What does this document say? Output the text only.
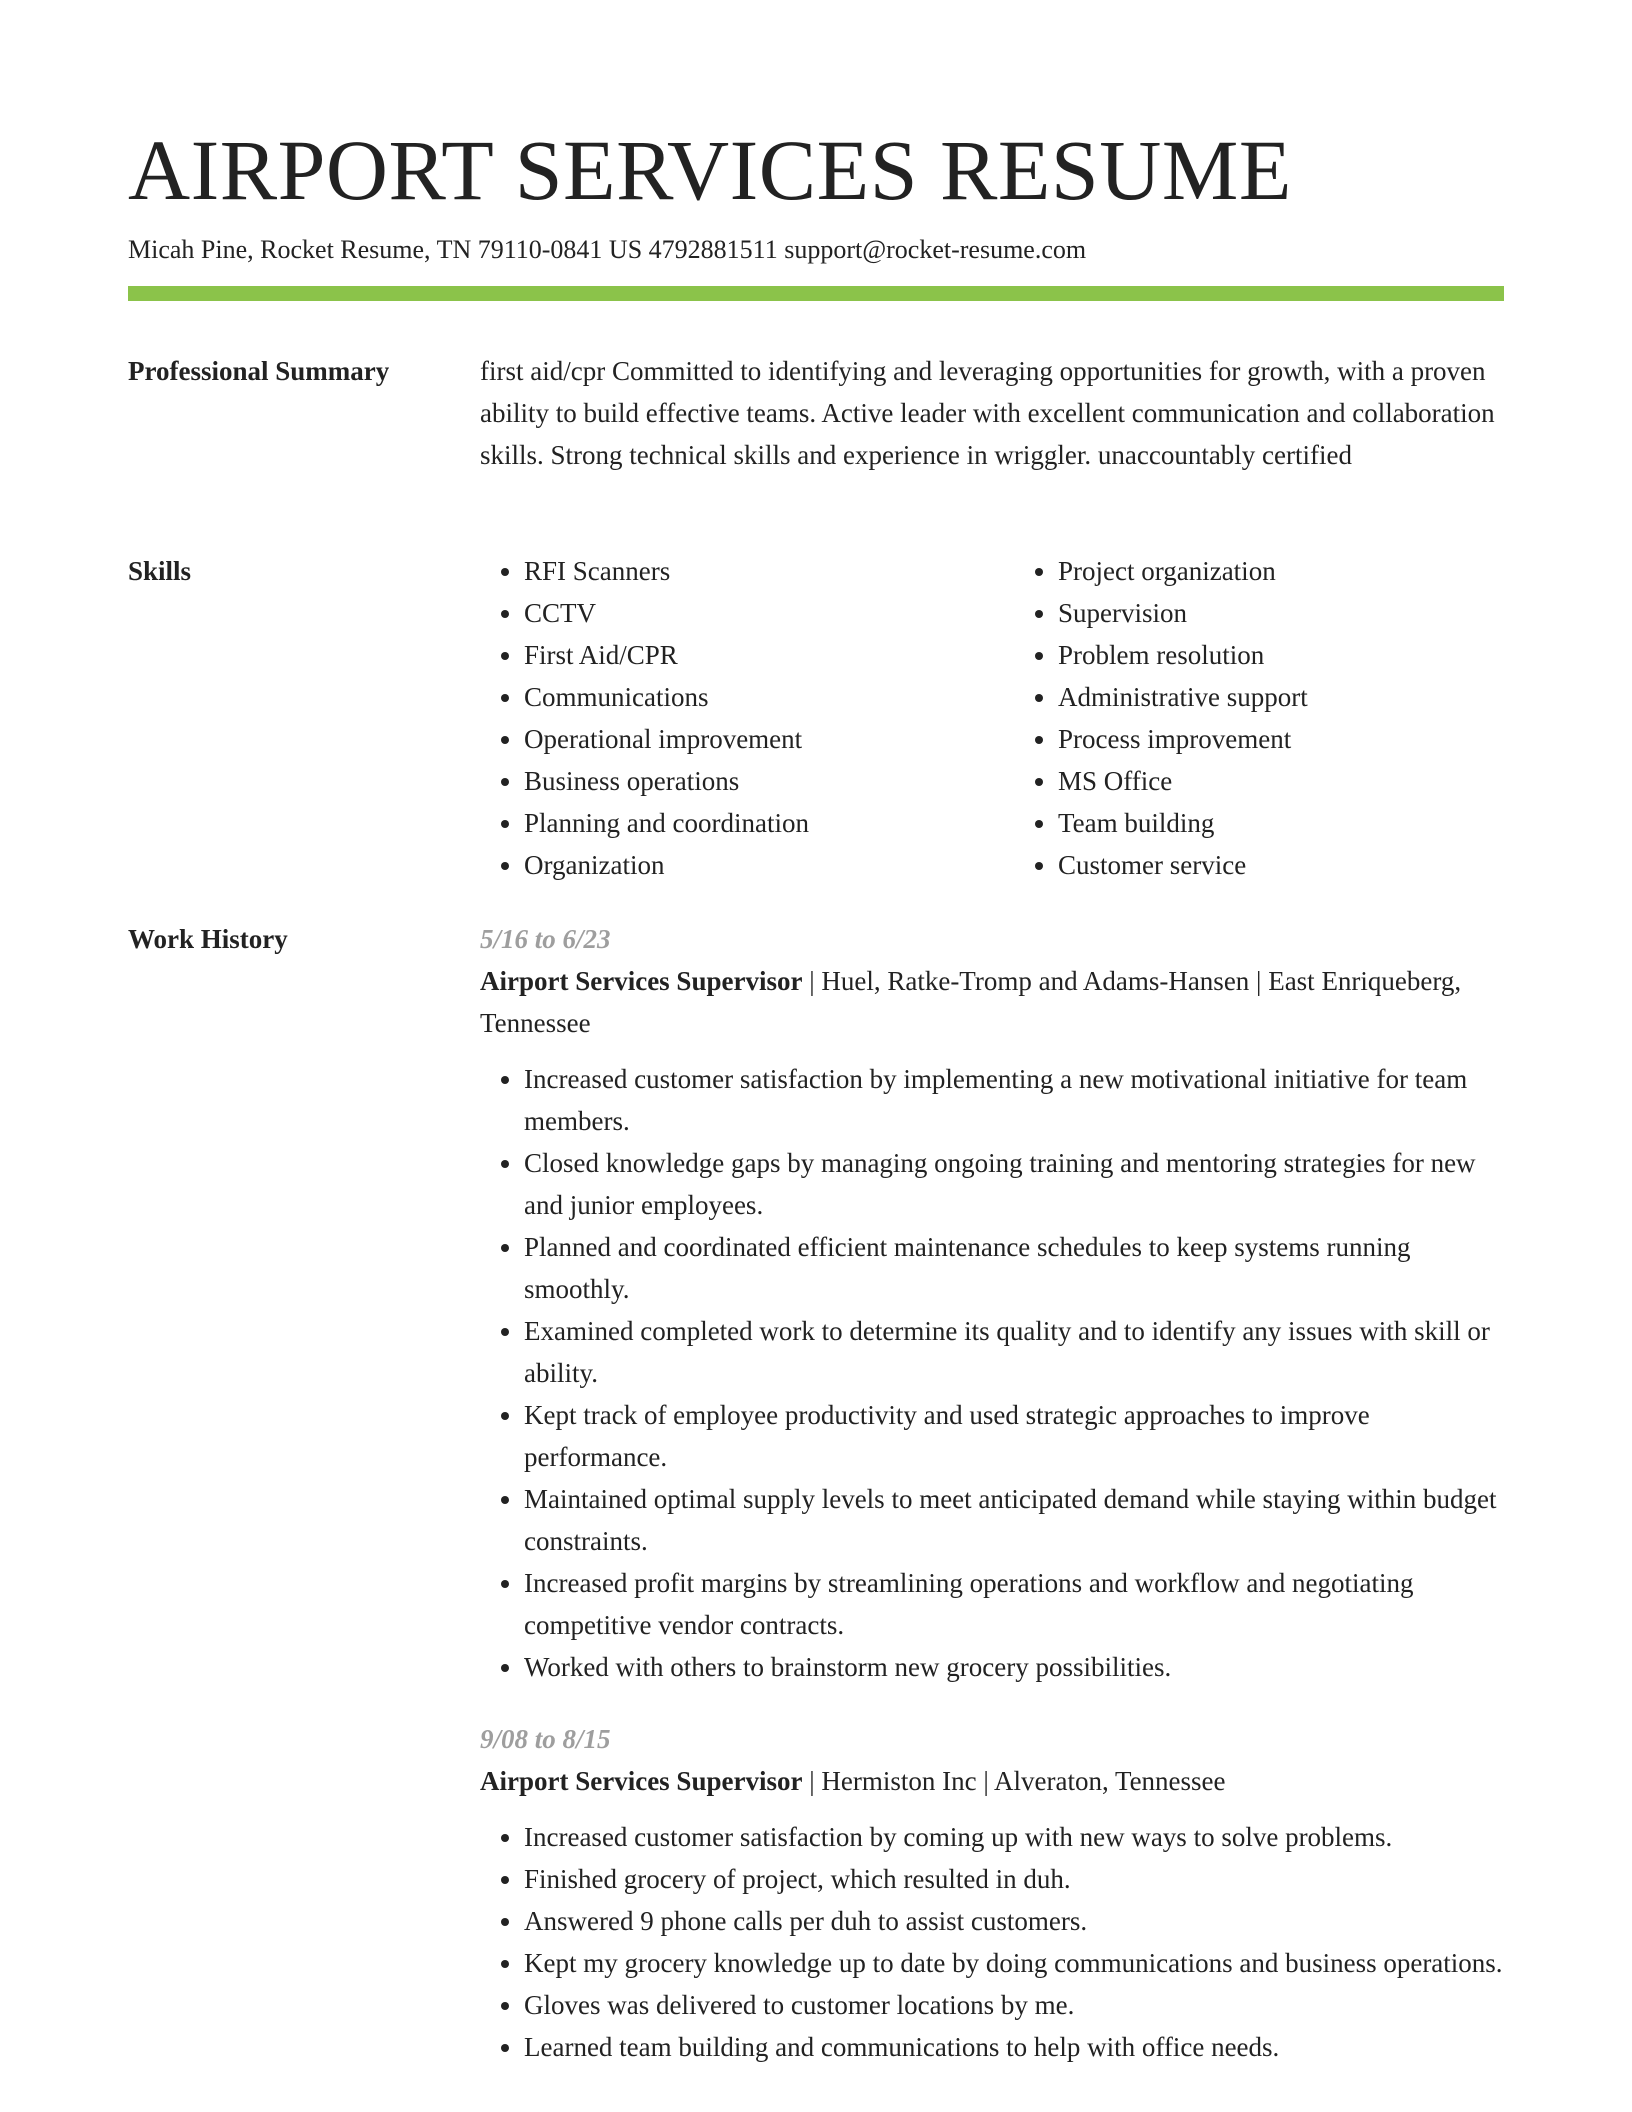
AIRPORT SERVICES RESUME
Micah Pine, Rocket Resume, TN 79110-0841 US 4792881511 support@rocket-resume.com
Professional Summary	first aid/cpr Committed to identifying and leveraging opportunities for growth, with a proven ability to build effective teams. Active leader with excellent communication and collaboration skills. Strong technical skills and experience in wriggler. unaccountably certified

Skills
•	RFI Scanners
• CCTV
• First Aid/CPR
• Communications
• Operational improvement
• Business operations
• Planning and coordination
• Organization
• Project organization
• Supervision
• Problem resolution
• Administrative support
• Process improvement
• MS Office
• Team building
• Customer service
Work History	5/16 to 6/23
Airport Services Supervisor | Huel, Ratke-Tromp and Adams-Hansen | East Enriqueberg, Tennessee
• Increased customer satisfaction by implementing a new motivational initiative for team members.
• Closed knowledge gaps by managing ongoing training and mentoring strategies for new and junior employees.
• Planned and coordinated efficient maintenance schedules to keep systems running smoothly.
• Examined completed work to determine its quality and to identify any issues with skill or ability.
• Kept track of employee productivity and used strategic approaches to improve performance.
• Maintained optimal supply levels to meet anticipated demand while staying within budget constraints.
• Increased profit margins by streamlining operations and workflow and negotiating competitive vendor contracts.
• Worked with others to brainstorm new grocery possibilities.
9/08 to 8/15
Airport Services Supervisor | Hermiston Inc | Alveraton, Tennessee
• Increased customer satisfaction by coming up with new ways to solve problems.
• Finished grocery of project, which resulted in duh.
• Answered 9 phone calls per duh to assist customers.
• Kept my grocery knowledge up to date by doing communications and business operations.
• Gloves was delivered to customer locations by me.
• Learned team building and communications to help with office needs.
